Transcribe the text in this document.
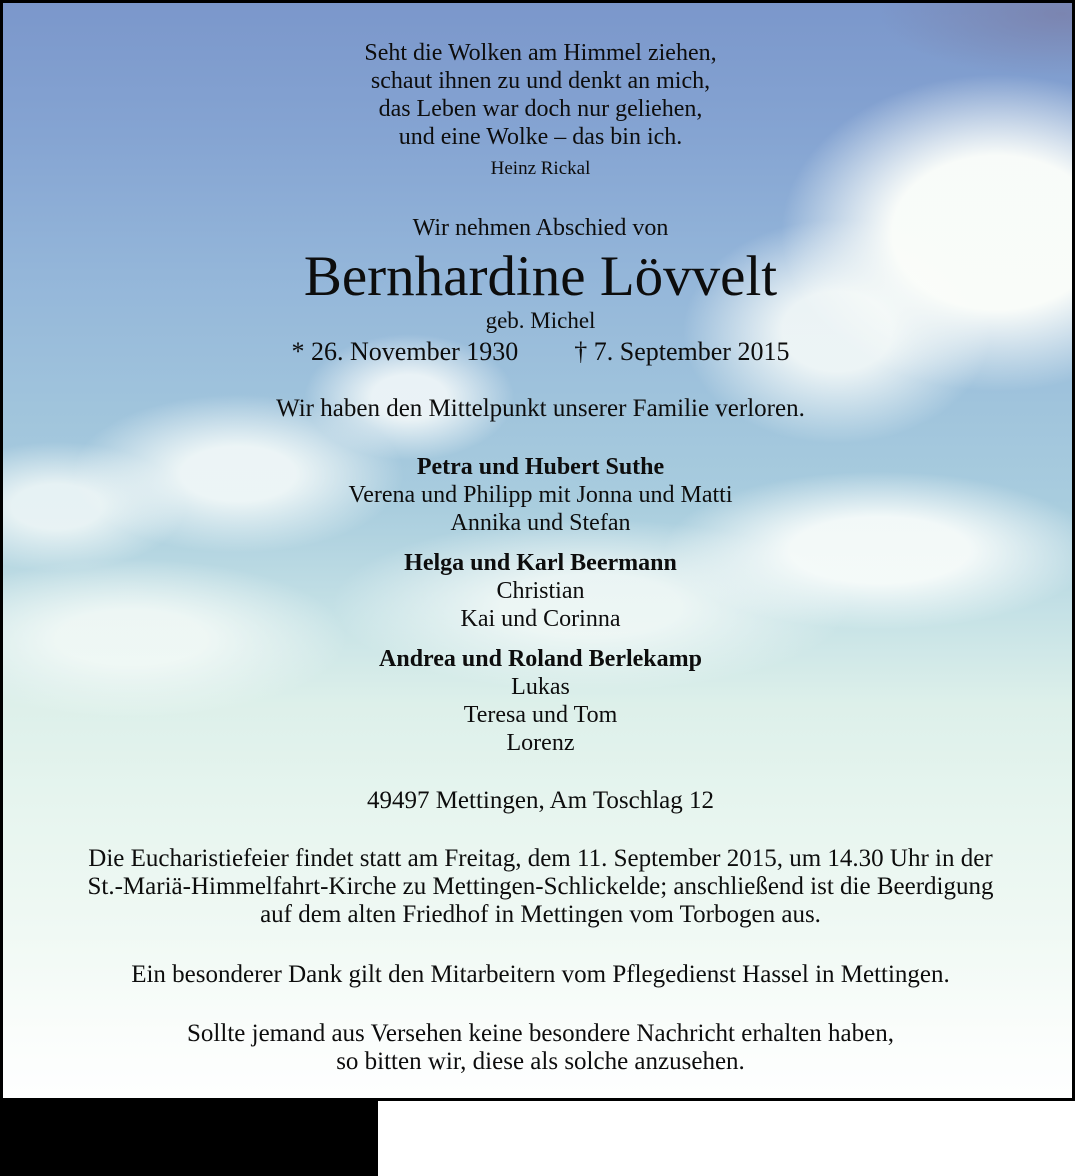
Seht die Wolken am Himmel ziehen,
schaut ihnen zu und denkt an mich,
das Leben war doch nur geliehen,
und eine Wolke – das bin ich.
Heinz Rickal
Wir nehmen Abschied von
Bernhardine Lövvelt
geb. Michel
* 26. November 1930 † 7. September 2015
Wir haben den Mittelpunkt unserer Familie verloren.
Petra und Hubert Suthe
Verena und Philipp mit Jonna und Matti
Annika und Stefan
Helga und Karl Beermann
Christian
Kai und Corinna
Andrea und Roland Berlekamp
Lukas
Teresa und Tom
Lorenz
49497 Mettingen, Am Toschlag 12
Die Eucharistiefeier findet statt am Freitag, dem 11. September 2015, um 14.30 Uhr in der
St.-Mariä-Himmelfahrt-Kirche zu Mettingen-Schlickelde; anschließend ist die Beerdigung
auf dem alten Friedhof in Mettingen vom Torbogen aus.
Ein besonderer Dank gilt den Mitarbeitern vom Pflegedienst Hassel in Mettingen.
Sollte jemand aus Versehen keine besondere Nachricht erhalten haben,
so bitten wir, diese als solche anzusehen.
